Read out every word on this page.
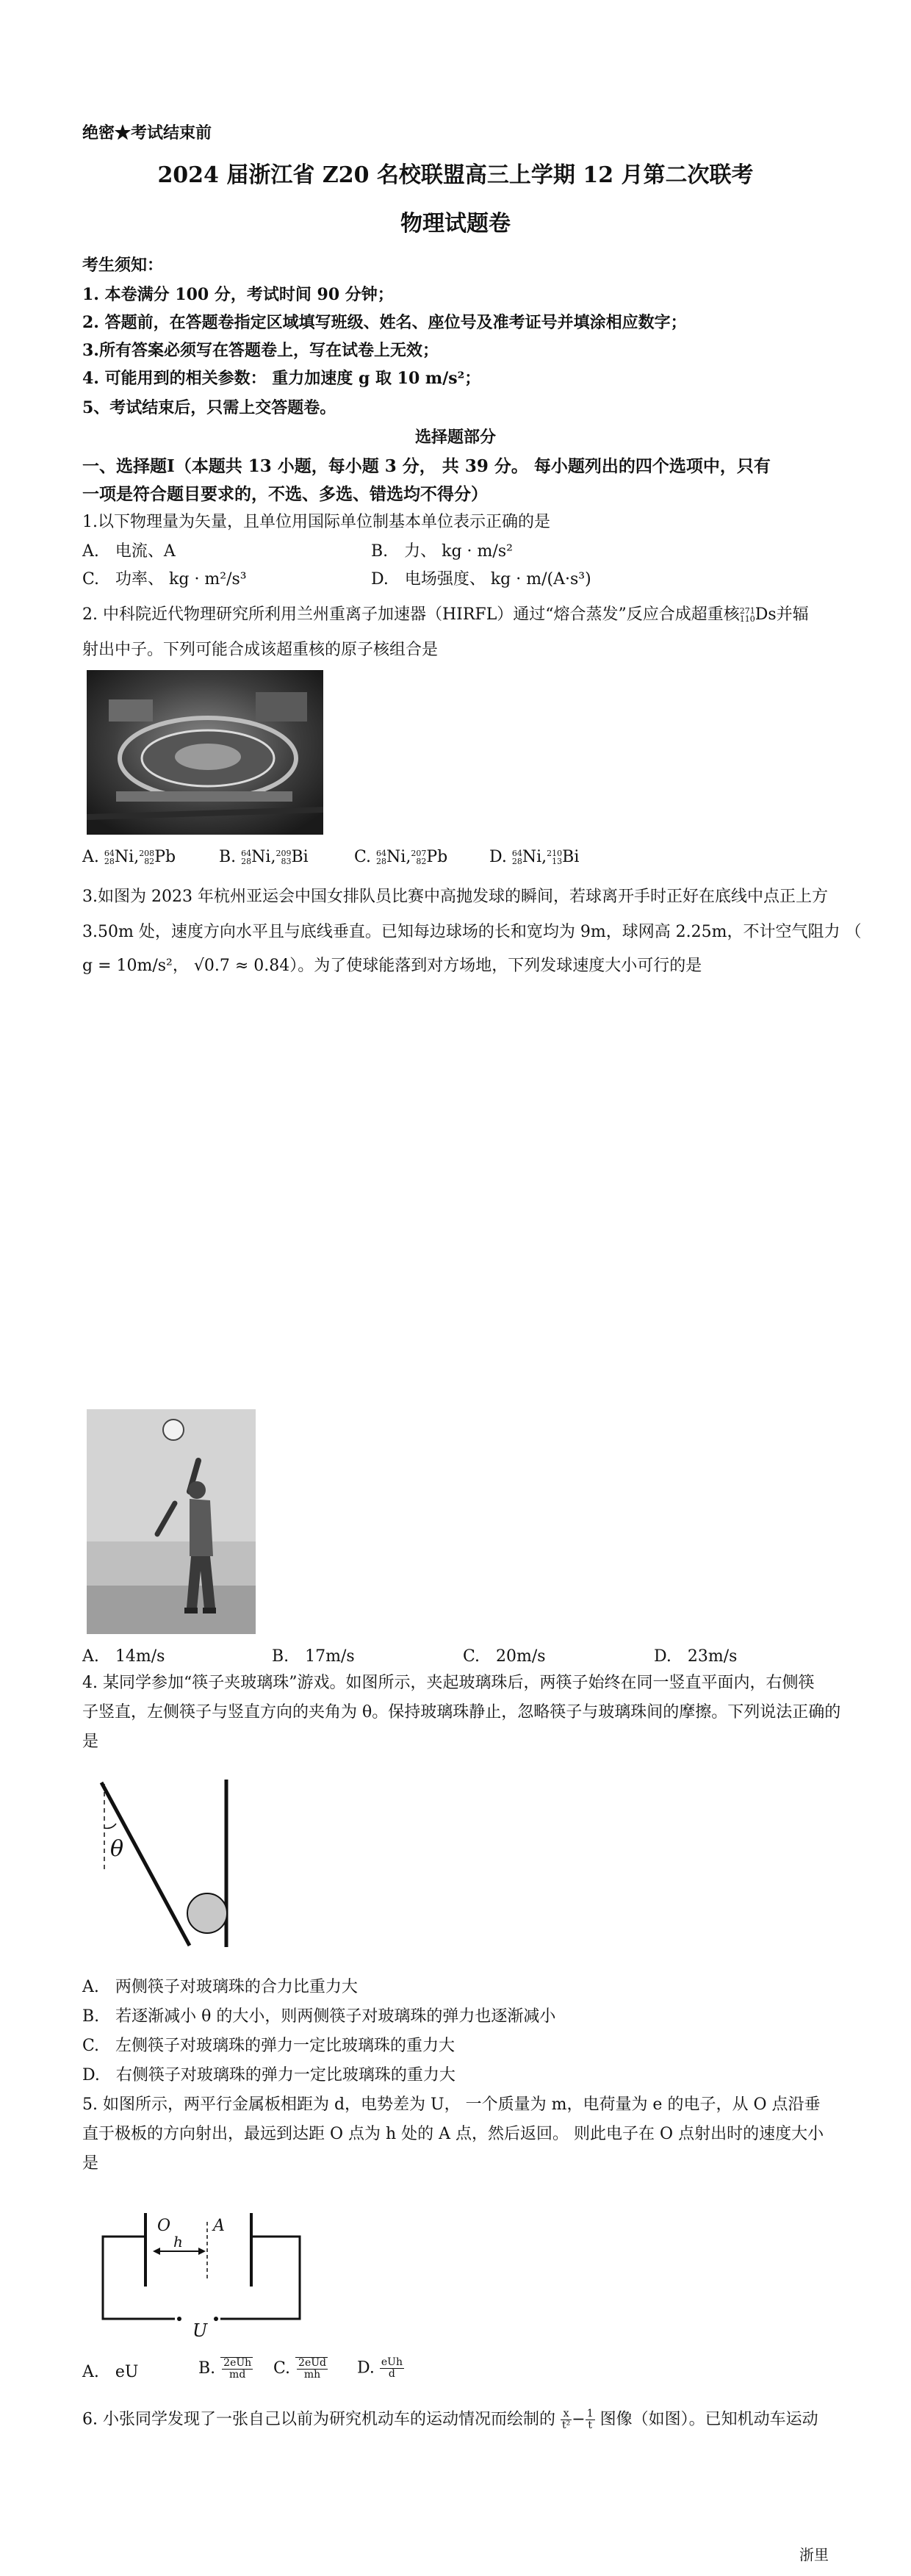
绝密★考试结束前
2024 届浙江省 Z20 名校联盟高三上学期 12 月第二次联考
物理试题卷
考生须知：
1. 本卷满分 100 分，考试时间 90 分钟；
2. 答题前，在答题卷指定区域填写班级、姓名、座位号及准考证号并填涂相应数字；
3.所有答案必须写在答题卷上，写在试卷上无效；
4. 可能用到的相关参数： 重力加速度 g 取 10 m/s²；
5、考试结束后，只需上交答题卷。
选择题部分
一、选择题Ⅰ（本题共 13 小题，每小题 3 分， 共 39 分。 每小题列出的四个选项中，只有
一项是符合题目要求的，不选、多选、错选均不得分）
1.以下物理量为矢量，且单位用国际单位制基本单位表示正确的是
A.　电流、A	B.　力、 kg · m/s²
C.　功率、 kg · m²/s³	D.　电场强度、 kg · m/(A·s³)
2. 中科院近代物理研究所利用兰州重离子加速器（HIRFL）通过“熔合蒸发”反应合成超重核 271
110 Ds并辐
射出中子。下列可能合成该超重核的原子核组合是
A. 64
28 Ni, 208
82 Pb	B. 64
28 Ni, 209
83 Bi	C. 64
28 Ni, 207
82 Pb	D. 64
28 Ni, 210
13 Bi
3.如图为 2023 年杭州亚运会中国女排队员比赛中高抛发球的瞬间，若球离开手时正好在底线中点正上方
3.50m 处，速度方向水平且与底线垂直。已知每边球场的长和宽均为 9m，球网高 2.25m，不计空气阻力 （
g = 10m/s²， √0.7 ≈ 0.84）。为了使球能落到对方场地，下列发球速度大小可行的是
A.　14m/s	B.　17m/s	C.　20m/s	D.　23m/s
4. 某同学参加“筷子夹玻璃珠”游戏。如图所示，夹起玻璃珠后，两筷子始终在同一竖直平面内，右侧筷
子竖直，左侧筷子与竖直方向的夹角为 θ。保持玻璃珠静止，忽略筷子与玻璃珠间的摩擦。下列说法正确的
是
θ
A.　两侧筷子对玻璃珠的合力比重力大
B.　若逐渐减小 θ 的大小，则两侧筷子对玻璃珠的弹力也逐渐减小
C.　左侧筷子对玻璃珠的弹力一定比玻璃珠的重力大
D.　右侧筷子对玻璃珠的弹力一定比玻璃珠的重力大
5. 如图所示，两平行金属板相距为 d，电势差为 U， 一个质量为 m，电荷量为 e 的电子，从 O 点沿垂
直于极板的方向射出，最远到达距 O 点为 h 处的 A 点，然后返回。 则此电子在 O 点射出时的速度大小
是
O	A
h
U
A.　eU	B. $\frac{\text{2eUh}}{md} C$. $\frac{\text{2eUd}}{mh} D$. $\frac{\text{eUh}}{d}$
6. 小张同学发现了一张自己以前为研究机动车的运动情况而绘制的 $\frac{x}{\text{t²}} - \frac{1}{t}$ 图像（如图）。已知机动车运动
浙里
